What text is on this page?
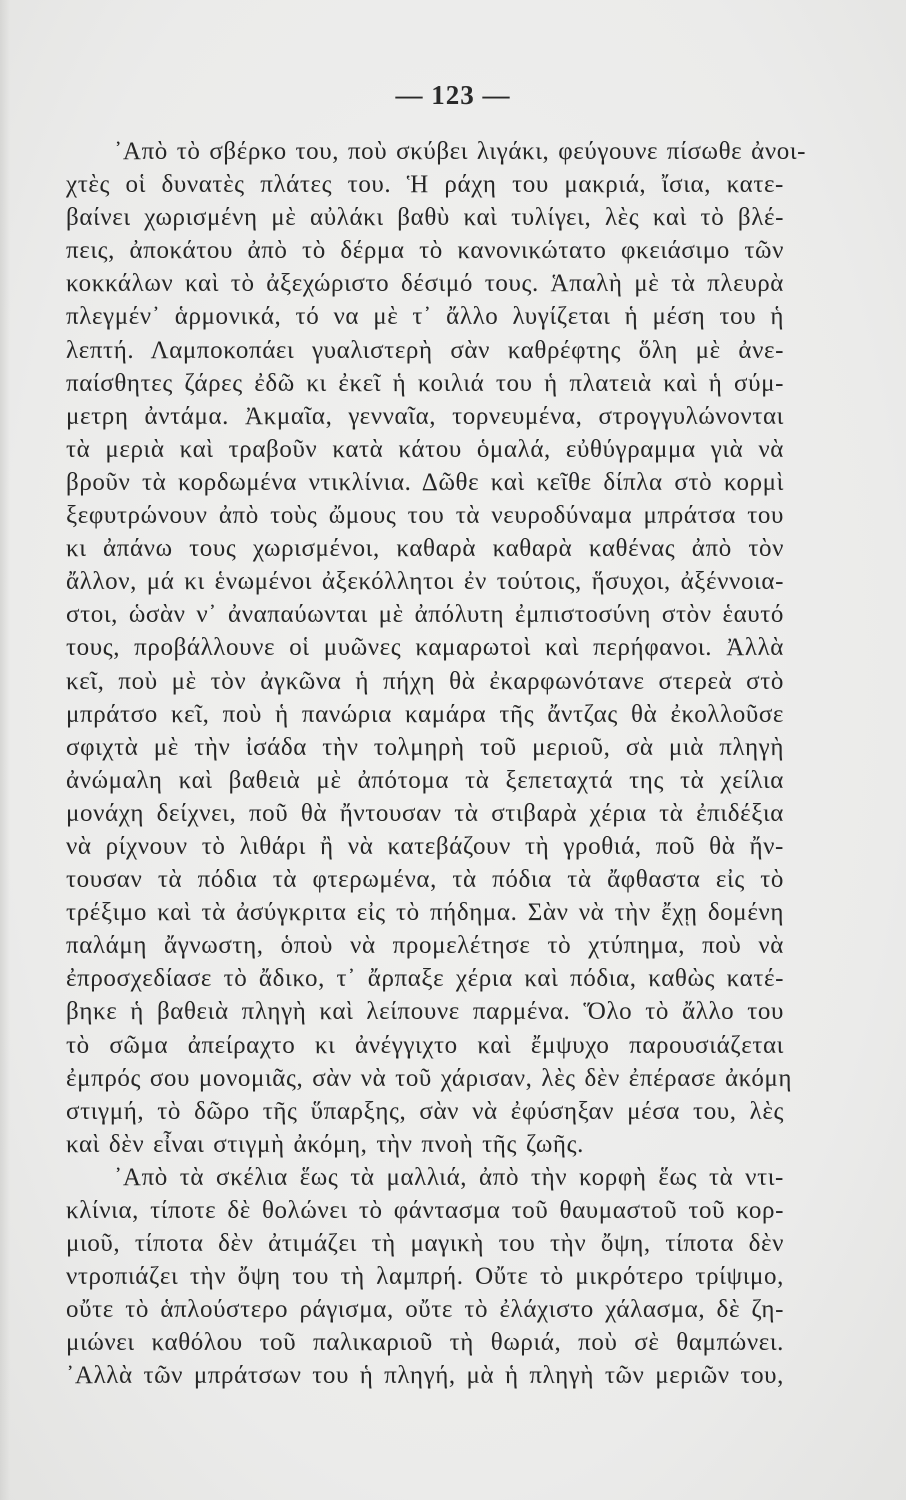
— 123 —
᾿Απὸ τὸ σβέρκο του, ποὺ σκύβει λιγάκι, φεύγουνε πίσωθε ἀνοι-
χτὲς οἱ δυνατὲς πλάτες του. Ἡ ράχη του μακριά, ἴσια, κατε-
βαίνει χωρισμένη μὲ αὐλάκι βαθὺ καὶ τυλίγει, λὲς καὶ τὸ βλέ-
πεις, ἀποκάτου ἀπὸ τὸ δέρμα τὸ κανονικώτατο φκειάσιμο τῶν
κοκκάλων καὶ τὸ ἀξεχώριστο δέσιμό τους. Ἁπαλὴ μὲ τὰ πλευρὰ
πλεγμέν᾿ ἁρμονικά, τό να μὲ τ᾿ ἄλλο λυγίζεται ἡ μέση του ἡ
λεπτή. Λαμποκοπάει γυαλιστερὴ σὰν καθρέφτης ὅλη μὲ ἀνε-
παίσθητες ζάρες ἐδῶ κι ἐκεῖ ἡ κοιλιά του ἡ πλατειὰ καὶ ἡ σύμ-
μετρη ἀντάμα. Ἀκμαῖα, γενναῖα, τορνευμένα, στρογγυλώνονται
τὰ μεριὰ καὶ τραβοῦν κατὰ κάτου ὁμαλά, εὐθύγραμμα γιὰ νὰ
βροῦν τὰ κορδωμένα ντικλίνια. Δῶθε καὶ κεῖθε δίπλα στὸ κορμὶ
ξεφυτρώνουν ἀπὸ τοὺς ὤμους του τὰ νευροδύναμα μπράτσα του
κι ἀπάνω τους χωρισμένοι, καθαρὰ καθαρὰ καθένας ἀπὸ τὸν
ἄλλον, μά κι ἑνωμένοι ἀξεκόλλητοι ἐν τούτοις, ἥσυχοι, ἀξέννοια-
στοι, ὡσὰν ν᾿ ἀναπαύωνται μὲ ἀπόλυτη ἐμπιστοσύνη στὸν ἑαυτό
τους, προβάλλουνε οἱ μυῶνες καμαρωτοὶ καὶ περήφανοι. Ἀλλὰ
κεῖ, ποὺ μὲ τὸν ἀγκῶνα ἡ πήχη θὰ ἐκαρφωνότανε στερεὰ στὸ
μπράτσο κεῖ, ποὺ ἡ πανώρια καμάρα τῆς ἄντζας θὰ ἐκολλοῦσε
σφιχτὰ μὲ τὴν ἰσάδα τὴν τολμηρὴ τοῦ μεριοῦ, σὰ μιὰ πληγὴ
ἀνώμαλη καὶ βαθειὰ μὲ ἀπότομα τὰ ξεπεταχτά της τὰ χείλια
μονάχη δείχνει, ποῦ θὰ ἤντουσαν τὰ στιβαρὰ χέρια τὰ ἐπιδέξια
νὰ ρίχνουν τὸ λιθάρι ἢ νὰ κατεβάζουν τὴ γροθιά, ποῦ θὰ ἤν-
τουσαν τὰ πόδια τὰ φτερωμένα, τὰ πόδια τὰ ἄφθαστα εἰς τὸ
τρέξιμο καὶ τὰ ἀσύγκριτα εἰς τὸ πήδημα. Σὰν νὰ τὴν ἔχῃ δομένη
παλάμη ἄγνωστη, ὁποὺ νὰ προμελέτησε τὸ χτύπημα, ποὺ νὰ
ἐπροσχεδίασε τὸ ἄδικο, τ᾿ ἄρπαξε χέρια καὶ πόδια, καθὼς κατέ-
βηκε ἡ βαθειὰ πληγὴ καὶ λείπουνε παρμένα. Ὅλο τὸ ἄλλο του
τὸ σῶμα ἀπείραχτο κι ἀνέγγιχτο καὶ ἔμψυχο παρουσιάζεται
ἐμπρός σου μονομιᾶς, σὰν νὰ τοῦ χάρισαν, λὲς δὲν ἐπέρασε ἀκόμη
στιγμή, τὸ δῶρο τῆς ὕπαρξης, σὰν νὰ ἐφύσηξαν μέσα του, λὲς
καὶ δὲν εἶναι στιγμὴ ἀκόμη, τὴν πνοὴ τῆς ζωῆς.
᾿Απὸ τὰ σκέλια ἕως τὰ μαλλιά, ἀπὸ τὴν κορφὴ ἕως τὰ ντι-
κλίνια, τίποτε δὲ θολώνει τὸ φάντασμα τοῦ θαυμαστοῦ τοῦ κορ-
μιοῦ, τίποτα δὲν ἀτιμάζει τὴ μαγικὴ του τὴν ὄψη, τίποτα δὲν
ντροπιάζει τὴν ὄψη του τὴ λαμπρή. Οὔτε τὸ μικρότερο τρίψιμο,
οὔτε τὸ ἁπλούστερο ράγισμα, οὔτε τὸ ἐλάχιστο χάλασμα, δὲ ζη-
μιώνει καθόλου τοῦ παλικαριοῦ τὴ θωριά, ποὺ σὲ θαμπώνει.
᾿Αλλὰ τῶν μπράτσων του ἡ πληγή, μὰ ἡ πληγὴ τῶν μεριῶν του,
